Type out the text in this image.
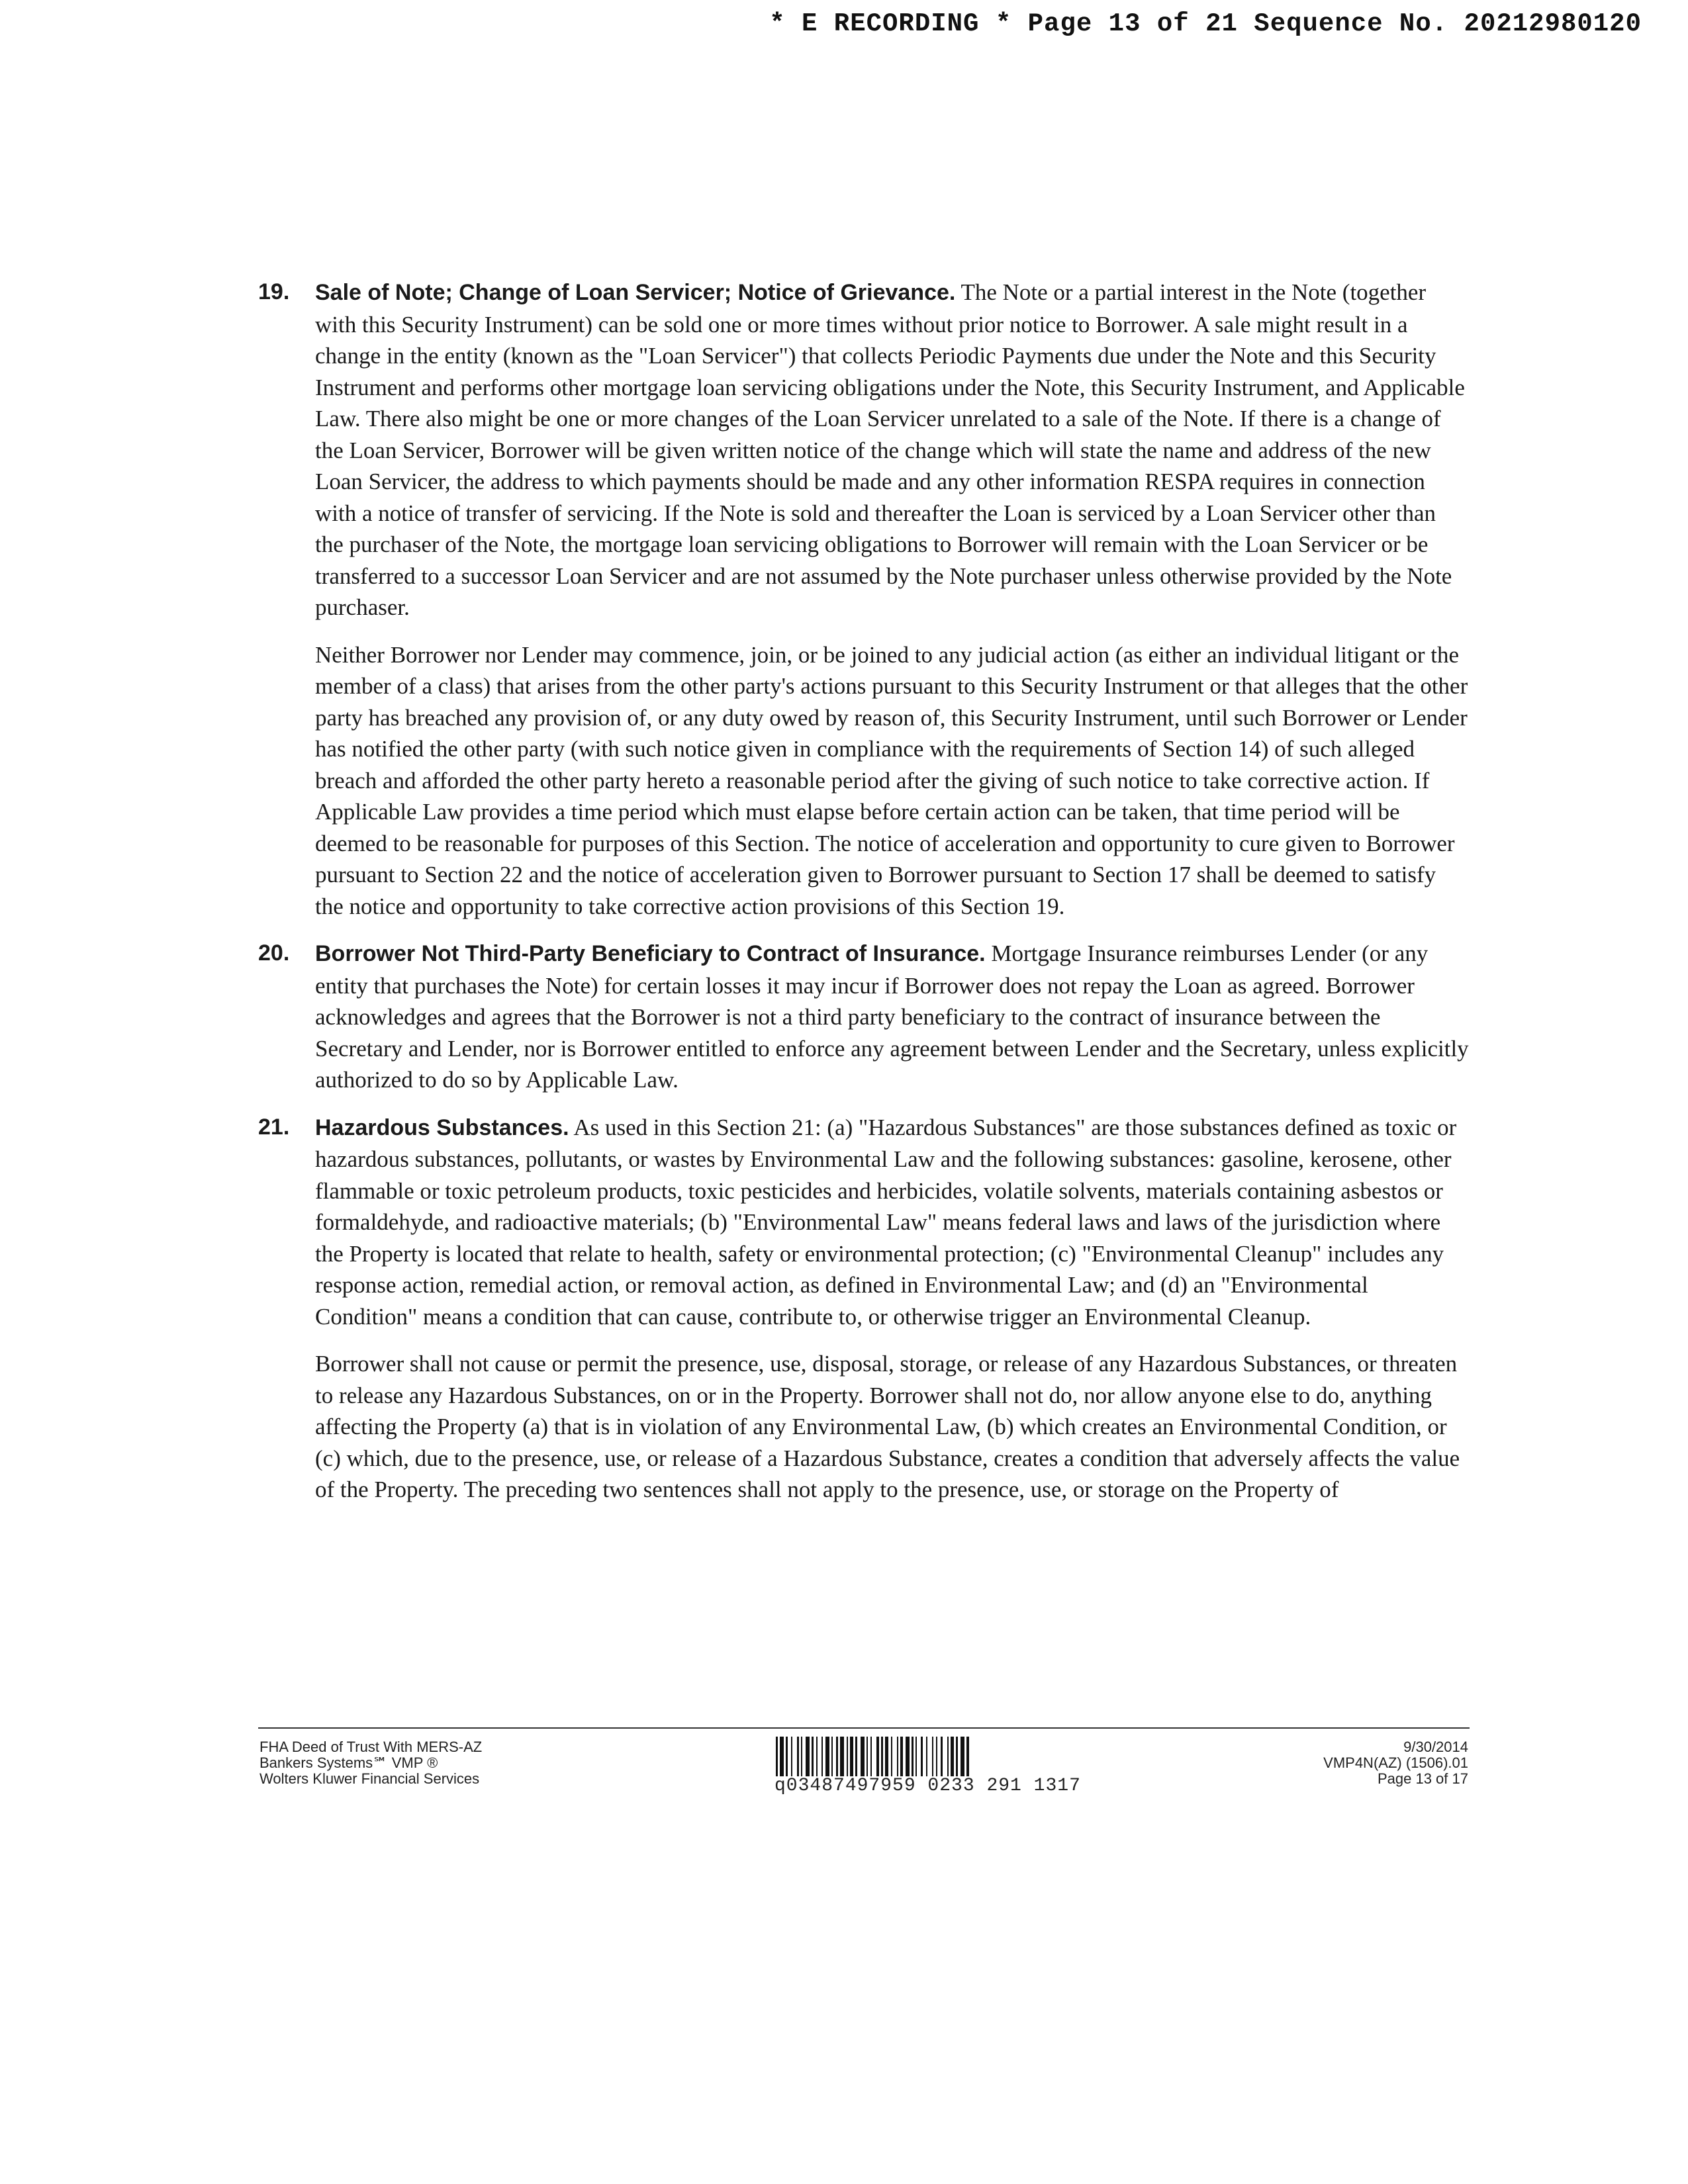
* E RECORDING * Page 13 of 21 Sequence No. 20212980120
19. Sale of Note; Change of Loan Servicer; Notice of Grievance. The Note or a partial interest in the Note (together with this Security Instrument) can be sold one or more times without prior notice to Borrower. A sale might result in a change in the entity (known as the "Loan Servicer") that collects Periodic Payments due under the Note and this Security Instrument and performs other mortgage loan servicing obligations under the Note, this Security Instrument, and Applicable Law. There also might be one or more changes of the Loan Servicer unrelated to a sale of the Note. If there is a change of the Loan Servicer, Borrower will be given written notice of the change which will state the name and address of the new Loan Servicer, the address to which payments should be made and any other information RESPA requires in connection with a notice of transfer of servicing. If the Note is sold and thereafter the Loan is serviced by a Loan Servicer other than the purchaser of the Note, the mortgage loan servicing obligations to Borrower will remain with the Loan Servicer or be transferred to a successor Loan Servicer and are not assumed by the Note purchaser unless otherwise provided by the Note purchaser.

Neither Borrower nor Lender may commence, join, or be joined to any judicial action (as either an individual litigant or the member of a class) that arises from the other party's actions pursuant to this Security Instrument or that alleges that the other party has breached any provision of, or any duty owed by reason of, this Security Instrument, until such Borrower or Lender has notified the other party (with such notice given in compliance with the requirements of Section 14) of such alleged breach and afforded the other party hereto a reasonable period after the giving of such notice to take corrective action. If Applicable Law provides a time period which must elapse before certain action can be taken, that time period will be deemed to be reasonable for purposes of this Section. The notice of acceleration and opportunity to cure given to Borrower pursuant to Section 22 and the notice of acceleration given to Borrower pursuant to Section 17 shall be deemed to satisfy the notice and opportunity to take corrective action provisions of this Section 19.

20. Borrower Not Third-Party Beneficiary to Contract of Insurance. Mortgage Insurance reimburses Lender (or any entity that purchases the Note) for certain losses it may incur if Borrower does not repay the Loan as agreed. Borrower acknowledges and agrees that the Borrower is not a third party beneficiary to the contract of insurance between the Secretary and Lender, nor is Borrower entitled to enforce any agreement between Lender and the Secretary, unless explicitly authorized to do so by Applicable Law.

21. Hazardous Substances. As used in this Section 21: (a) "Hazardous Substances" are those substances defined as toxic or hazardous substances, pollutants, or wastes by Environmental Law and the following substances: gasoline, kerosene, other flammable or toxic petroleum products, toxic pesticides and herbicides, volatile solvents, materials containing asbestos or formaldehyde, and radioactive materials; (b) "Environmental Law" means federal laws and laws of the jurisdiction where the Property is located that relate to health, safety or environmental protection; (c) "Environmental Cleanup" includes any response action, remedial action, or removal action, as defined in Environmental Law; and (d) an "Environmental Condition" means a condition that can cause, contribute to, or otherwise trigger an Environmental Cleanup.

Borrower shall not cause or permit the presence, use, disposal, storage, or release of any Hazardous Substances, or threaten to release any Hazardous Substances, on or in the Property. Borrower shall not do, nor allow anyone else to do, anything affecting the Property (a) that is in violation of any Environmental Law, (b) which creates an Environmental Condition, or (c) which, due to the presence, use, or release of a Hazardous Substance, creates a condition that adversely affects the value of the Property. The preceding two sentences shall not apply to the presence, use, or storage on the Property of

FHA Deed of Trust With MERS-AZ
Bankers Systems℠ VMP ®
Wolters Kluwer Financial Services	q03487497959 0233 291 1317
9/30/2014
VMP4N(AZ) (1506).01
Page 13 of 17
